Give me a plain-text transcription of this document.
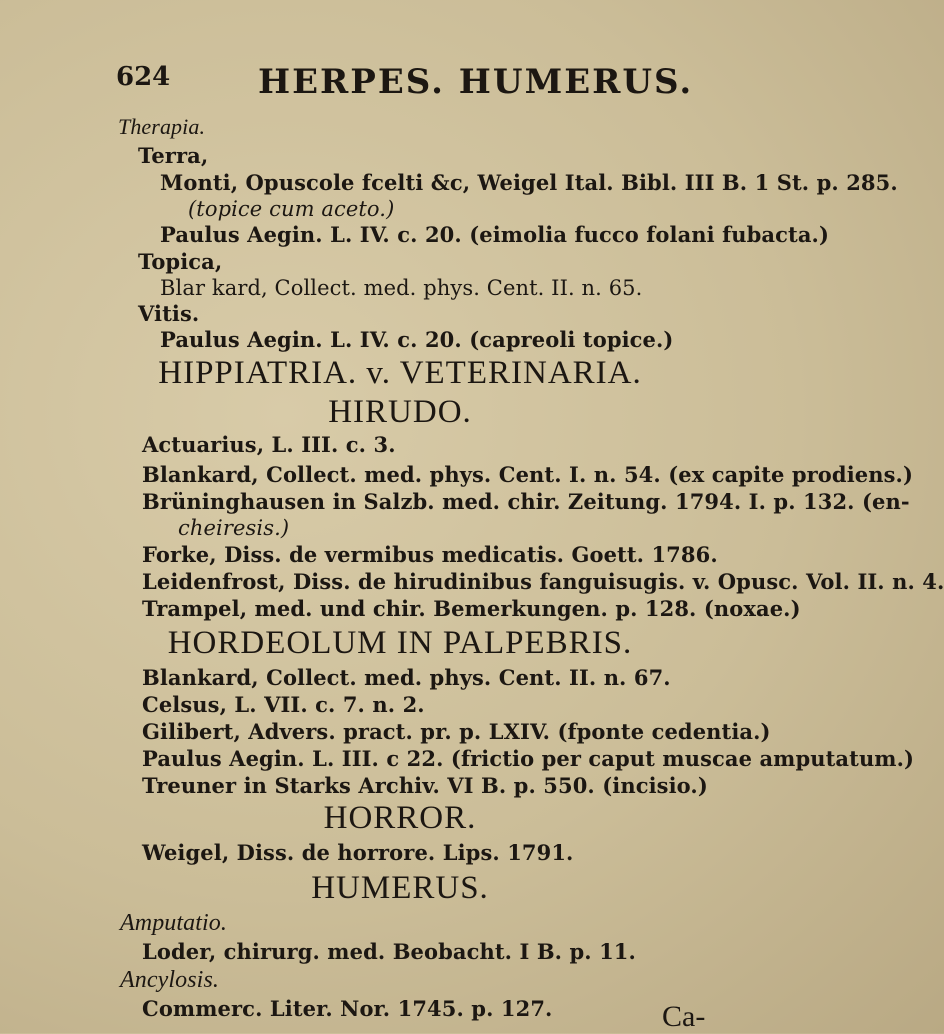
624	HERPES. HUMERUS.
Therapia.
Terra,
Monti, Opuscole fcelti &c, Weigel Ital. Bibl. III B. 1 St. p. 285.
(topice cum aceto.)
Paulus Aegin. L. IV. c. 20. (eimolia fucco folani fubacta.)
Topica,
Blar kard, Collect. med. phys. Cent. II. n. 65.
Vitis.
Paulus Aegin. L. IV. c. 20. (capreoli topice.)
HIPPIATRIA. v. VETERINARIA.
HIRUDO.
Actuarius, L. III. c. 3.
Blankard, Collect. med. phys. Cent. I. n. 54. (ex capite prodiens.)
Brüninghausen in Salzb. med. chir. Zeitung. 1794. I. p. 132. (en-
cheiresis.)
Forke, Diss. de vermibus medicatis. Goett. 1786.
Leidenfrost, Diss. de hirudinibus fanguisugis. v. Opusc. Vol. II. n. 4.
Trampel, med. und chir. Bemerkungen. p. 128. (noxae.)
HORDEOLUM IN PALPEBRIS.
Blankard, Collect. med. phys. Cent. II. n. 67.
Celsus, L. VII. c. 7. n. 2.
Gilibert, Advers. pract. pr. p. LXIV. (fponte cedentia.)
Paulus Aegin. L. III. c 22. (frictio per caput muscae amputatum.)
Treuner in Starks Archiv. VI B. p. 550. (incisio.)
HORROR.
Weigel, Diss. de horrore. Lips. 1791.
HUMERUS.
Amputatio.
Loder, chirurg. med. Beobacht. I B. p. 11.
Ancylosis.
Commerc. Liter. Nor. 1745. p. 127.	Ca-
